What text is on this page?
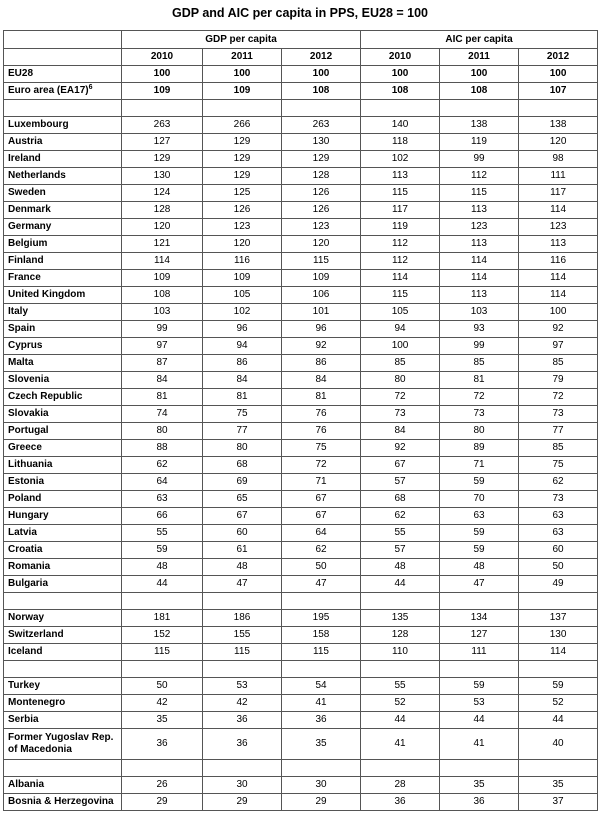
GDP and AIC per capita in PPS, EU28 = 100
	GDP per capita			AIC per capita		
	2010	2011	2012	2010	2011	2012
EU28	100	100	100	100	100	100
Euro area $(EA17)^6$	109	109	108	108	108	107

Luxembourg	263	266	263	140	138	138
Austria	127	129	130	118	119	120
Ireland	129	129	129	102	99	98
Netherlands	130	129	128	113	112	111
Sweden	124	125	126	115	115	117
Denmark	128	126	126	117	113	114
Germany	120	123	123	119	123	123
Belgium	121	120	120	112	113	113
Finland	114	116	115	112	114	116
France	109	109	109	114	114	114
United Kingdom	108	105	106	115	113	114
Italy	103	102	101	105	103	100
Spain	99	96	96	94	93	92
Cyprus	97	94	92	100	99	97
Malta	87	86	86	85	85	85
Slovenia	84	84	84	80	81	79
Czech Republic	81	81	81	72	72	72
Slovakia	74	75	76	73	73	73
Portugal	80	77	76	84	80	77
Greece	88	80	75	92	89	85
Lithuania	62	68	72	67	71	75
Estonia	64	69	71	57	59	62
Poland	63	65	67	68	70	73
Hungary	66	67	67	62	63	63
Latvia	55	60	64	55	59	63
Croatia	59	61	62	57	59	60
Romania	48	48	50	48	48	50
Bulgaria	44	47	47	44	47	49

Norway	181	186	195	135	134	137
Switzerland	152	155	158	128	127	130
Iceland	115	115	115	110	111	114

Turkey	50	53	54	55	59	59
Montenegro	42	42	41	52	53	52
Serbia	35	36	36	44	44	44
Former Yugoslav Rep. of Macedonia	36	36	35	41	41	40

Albania	26	30	30	28	35	35
Bosnia & Herzegovina	29	29	29	36	36	37
